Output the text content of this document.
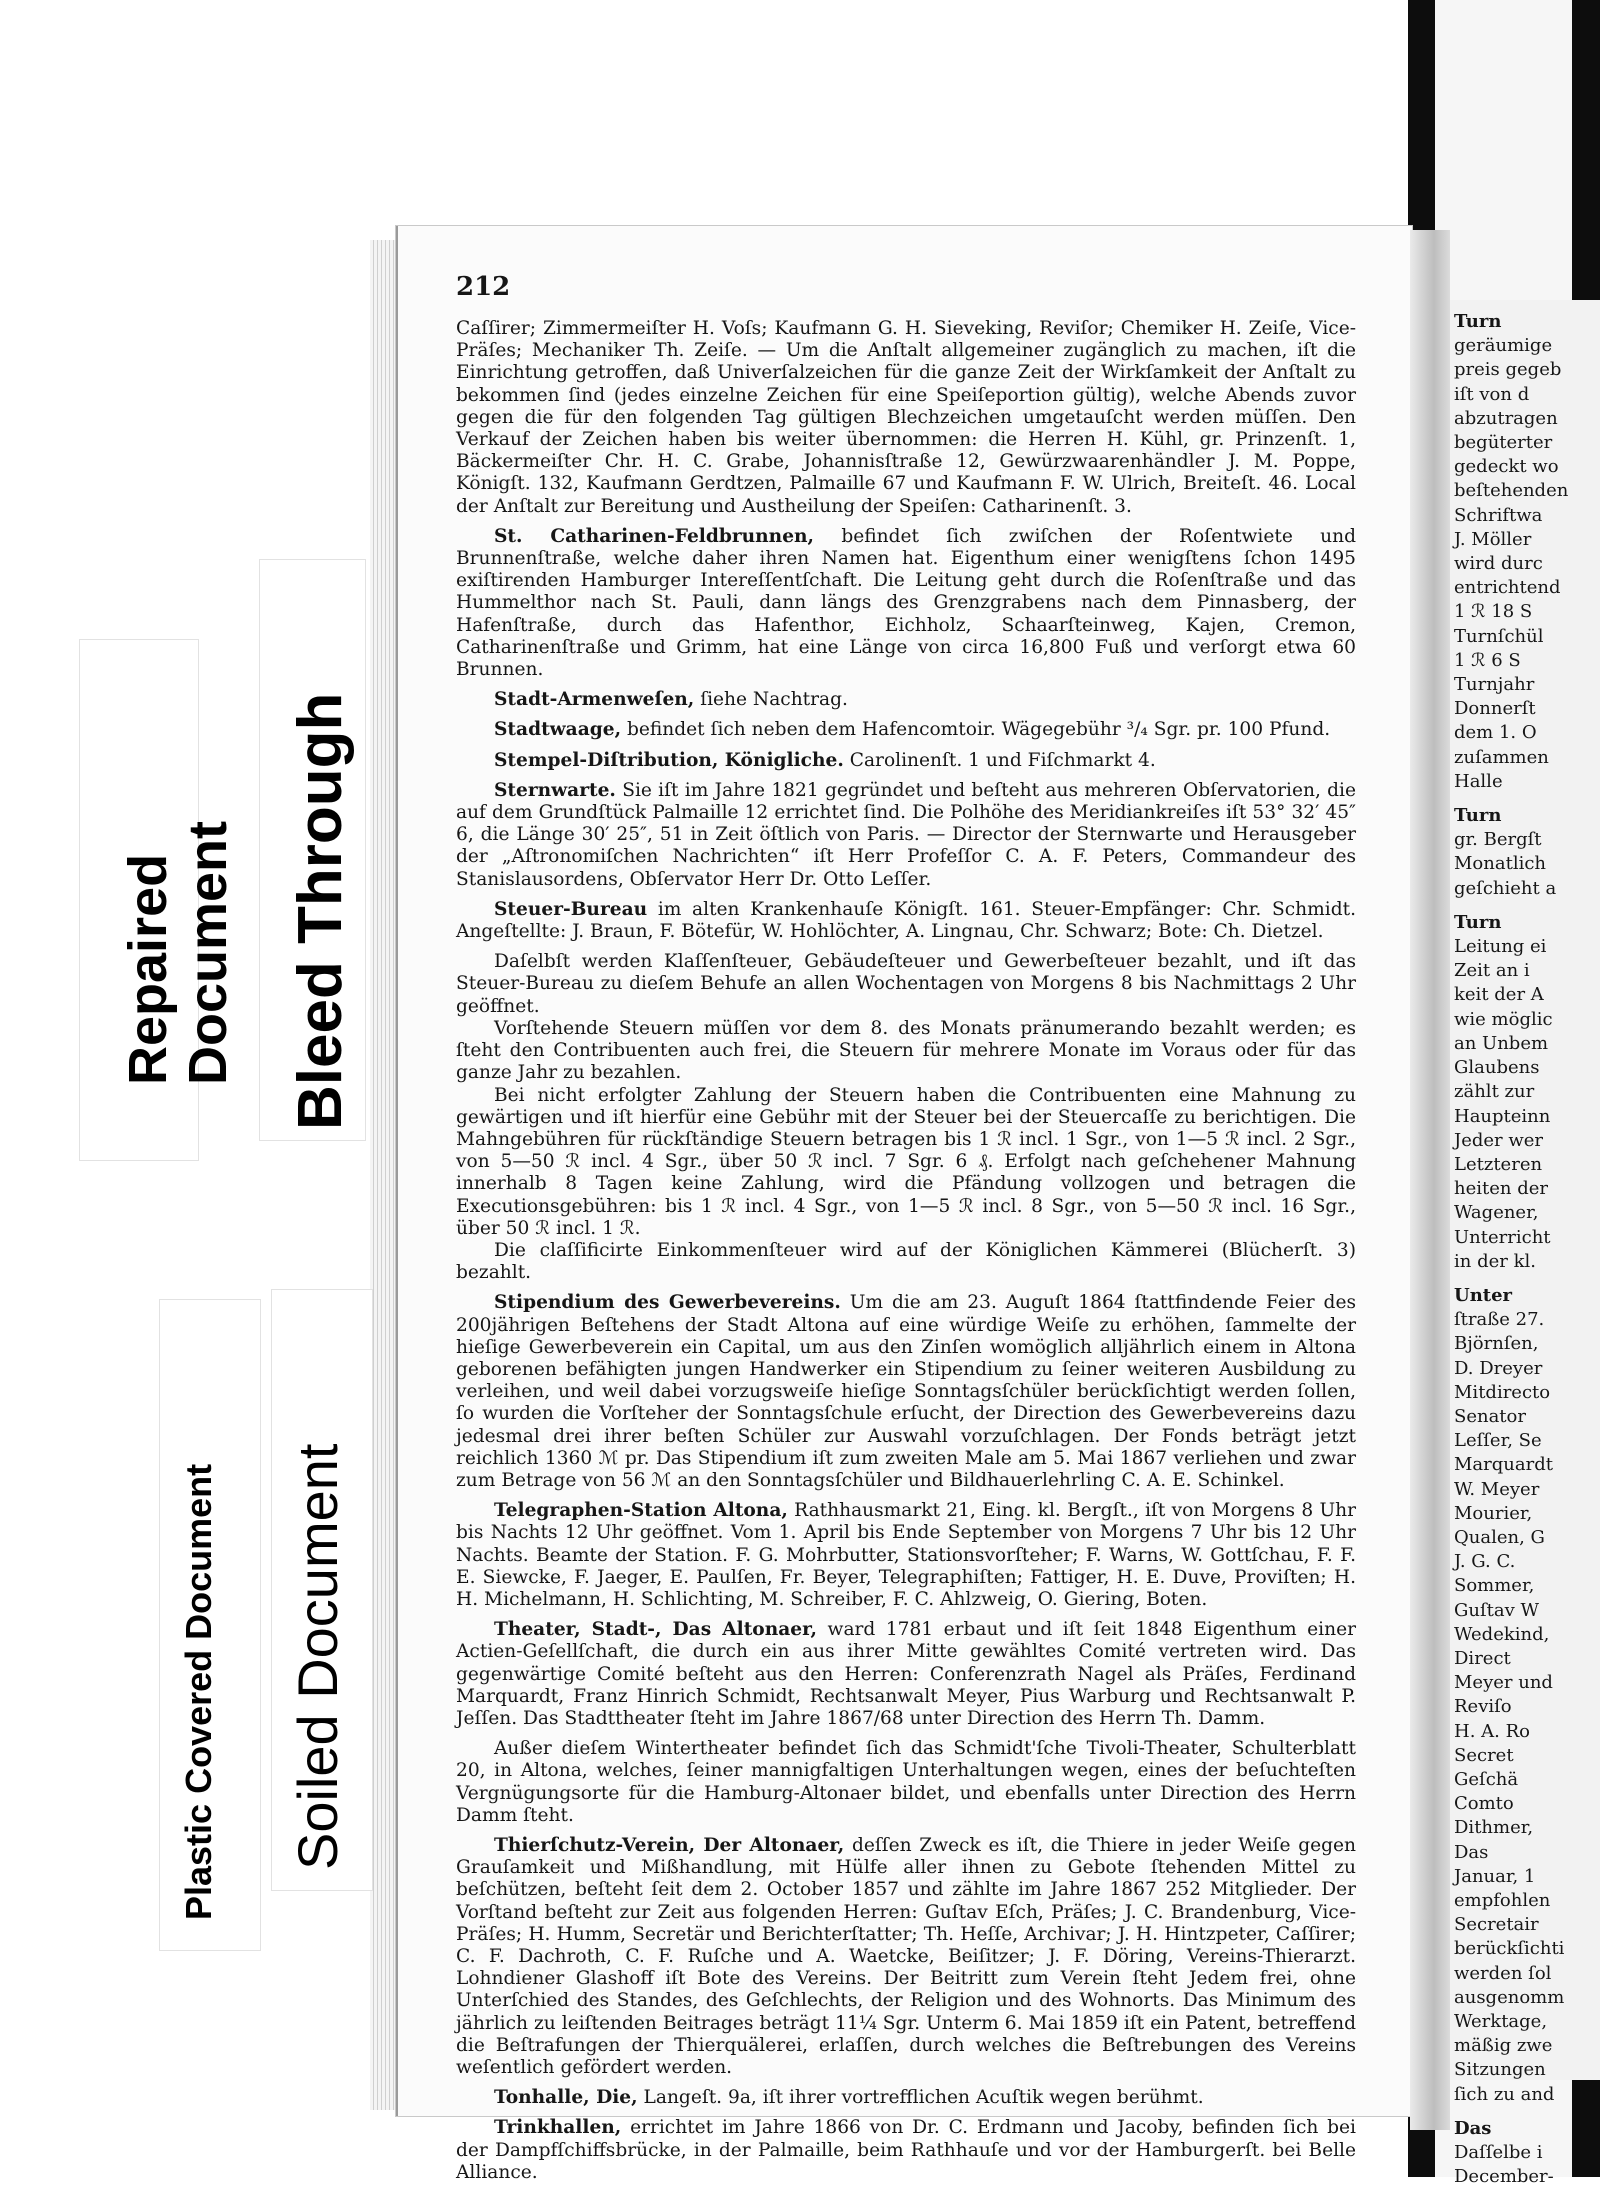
Turn

geräumige

preis gegeb

iſt von d

abzutragen

begüterter

gedeckt wo

beſtehenden

Schriftwa

J. Möller

wird durc

entrichtend

1 ℛ 18 S

Turnſchül

1 ℛ 6 S

Turnjahr

Donnerſt

dem 1. O

zuſammen

Halle

Turn

gr. Bergſt

Monatlich

geſchieht a

Turn

Leitung ei

Zeit an i

keit der A

wie möglic

an Unbem

Glaubens

zählt zur

Haupteinn

Jeder wer

Letzteren

heiten der

Wagener,

Unterricht

in der kl.

Unter

ſtraße 27.

Björnſen,

D. Dreyer

Mitdirecto

Senator

Leſſer, Se

Marquardt

W. Meyer

Mourier,

Qualen, G

J. G. C.

Sommer,

Guſtav W

Wedekind,

Direct

Meyer und

Reviſo

H. A. Ro

Secret

Geſchä

Comto

Dithmer,

Das

Januar, 1

empfohlen

Secretair

berückſichti

werden ſol

ausgenomm

Werktage,

mäßig zwe

Sitzungen

ſich zu and

Das

Daſſelbe i

December-

212

Caſſirer; Zimmermeiſter H. Voſs; Kaufmann G. H. Sieveking, Reviſor; Chemiker H. Zeiſe, Vice-Präſes; Mechaniker Th. Zeiſe. — Um die Anſtalt allgemeiner zugänglich zu machen, iſt die Einrichtung getroffen, daß Univerſalzeichen für die ganze Zeit der Wirkſamkeit der Anſtalt zu bekommen ſind (jedes einzelne Zeichen für eine Speiſeportion gültig), welche Abends zuvor gegen die für den folgenden Tag gültigen Blechzeichen umgetauſcht werden müſſen. Den Verkauf der Zeichen haben bis weiter übernommen: die Herren H. Kühl, gr. Prinzenſt. 1, Bäckermeiſter Chr. H. C. Grabe, Johannisſtraße 12, Gewürzwaarenhändler J. M. Poppe, Königſt. 132, Kaufmann Gerdtzen, Palmaille 67 und Kaufmann F. W. Ulrich, Breiteſt. 46. Local der Anſtalt zur Bereitung und Austheilung der Speiſen: Catharinenſt. 3.

St. Catharinen-Feldbrunnen, befindet ſich zwiſchen der Roſentwiete und Brunnenſtraße, welche daher ihren Namen hat. Eigenthum einer wenigſtens ſchon 1495 exiſtirenden Hamburger Intereſſentſchaft. Die Leitung geht durch die Roſenſtraße und das Hummelthor nach St. Pauli, dann längs des Grenzgrabens nach dem Pinnasberg, der Hafenſtraße, durch das Hafenthor, Eichholz, Schaarſteinweg, Kajen, Cremon, Catharinenſtraße und Grimm, hat eine Länge von circa 16,800 Fuß und verſorgt etwa 60 Brunnen.

Stadt-Armenweſen, ſiehe Nachtrag.

Stadtwaage, befindet ſich neben dem Hafencomtoir. Wägegebühr ³/₄ Sgr. pr. 100 Pfund.

Stempel-Diſtribution, Königliche. Carolinenſt. 1 und Fiſchmarkt 4.

Sternwarte. Sie iſt im Jahre 1821 gegründet und beſteht aus mehreren Obſervatorien, die auf dem Grundſtück Palmaille 12 errichtet ſind. Die Polhöhe des Meridiankreiſes iſt 53° 32′ 45″ 6, die Länge 30′ 25″, 51 in Zeit öſtlich von Paris. — Director der Sternwarte und Herausgeber der „Aſtronomiſchen Nachrichten“ iſt Herr Profeſſor C. A. F. Peters, Commandeur des Stanislausordens, Obſervator Herr Dr. Otto Leſſer.

Steuer-Bureau im alten Krankenhauſe Königſt. 161. Steuer-Empfänger: Chr. Schmidt. Angeſtellte: J. Braun, F. Bötefür, W. Hohlöchter, A. Lingnau, Chr. Schwarz; Bote: Ch. Dietzel.

Daſelbſt werden Klaſſenſteuer, Gebäudeſteuer und Gewerbeſteuer bezahlt, und iſt das Steuer-Bureau zu dieſem Behufe an allen Wochentagen von Morgens 8 bis Nachmittags 2 Uhr geöffnet.

Vorſtehende Steuern müſſen vor dem 8. des Monats pränumerando bezahlt werden; es ſteht den Contribuenten auch frei, die Steuern für mehrere Monate im Voraus oder für das ganze Jahr zu bezahlen.

Bei nicht erfolgter Zahlung der Steuern haben die Contribuenten eine Mahnung zu gewärtigen und iſt hierfür eine Gebühr mit der Steuer bei der Steuercaſſe zu berichtigen. Die Mahngebühren für rückſtändige Steuern betragen bis 1 ℛ incl. 1 Sgr., von 1—5 ℛ incl. 2 Sgr., von 5—50 ℛ incl. 4 Sgr., über 50 ℛ incl. 7 Sgr. 6 ₰. Erfolgt nach geſchehener Mahnung innerhalb 8 Tagen keine Zahlung, wird die Pfändung vollzogen und betragen die Executionsgebühren: bis 1 ℛ incl. 4 Sgr., von 1—5 ℛ incl. 8 Sgr., von 5—50 ℛ incl. 16 Sgr., über 50 ℛ incl. 1 ℛ.

Die claſſificirte Einkommenſteuer wird auf der Königlichen Kämmerei (Blücherſt. 3) bezahlt.

Stipendium des Gewerbevereins. Um die am 23. Auguſt 1864 ſtattfindende Feier des 200jährigen Beſtehens der Stadt Altona auf eine würdige Weiſe zu erhöhen, ſammelte der hieſige Gewerbeverein ein Capital, um aus den Zinſen womöglich alljährlich einem in Altona geborenen befähigten jungen Handwerker ein Stipendium zu ſeiner weiteren Ausbildung zu verleihen, und weil dabei vorzugsweiſe hieſige Sonntagsſchüler berückſichtigt werden ſollen, ſo wurden die Vorſteher der Sonntagsſchule erſucht, der Direction des Gewerbevereins dazu jedesmal drei ihrer beſten Schüler zur Auswahl vorzuſchlagen. Der Fonds beträgt jetzt reichlich 1360 ℳ pr. Das Stipendium iſt zum zweiten Male am 5. Mai 1867 verliehen und zwar zum Betrage von 56 ℳ an den Sonntagsſchüler und Bildhauerlehrling C. A. E. Schinkel.

Telegraphen-Station Altona, Rathhausmarkt 21, Eing. kl. Bergſt., iſt von Morgens 8 Uhr bis Nachts 12 Uhr geöffnet. Vom 1. April bis Ende September von Morgens 7 Uhr bis 12 Uhr Nachts. Beamte der Station. F. G. Mohrbutter, Stationsvorſteher; F. Warns, W. Gottſchau, F. F. E. Siewcke, F. Jaeger, E. Paulſen, Fr. Beyer, Telegraphiſten; Fattiger, H. E. Duve, Proviſten; H. H. Michelmann, H. Schlichting, M. Schreiber, F. C. Ahlzweig, O. Giering, Boten.

Theater, Stadt-, Das Altonaer, ward 1781 erbaut und iſt ſeit 1848 Eigenthum einer Actien-Geſellſchaft, die durch ein aus ihrer Mitte gewähltes Comité vertreten wird. Das gegenwärtige Comité beſteht aus den Herren: Conferenzrath Nagel als Präſes, Ferdinand Marquardt, Franz Hinrich Schmidt, Rechtsanwalt Meyer, Pius Warburg und Rechtsanwalt P. Jeſſen. Das Stadttheater ſteht im Jahre 1867/68 unter Direction des Herrn Th. Damm.

Außer dieſem Wintertheater befindet ſich das Schmidt'ſche Tivoli-Theater, Schulterblatt 20, in Altona, welches, ſeiner mannigfaltigen Unterhaltungen wegen, eines der beſuchteſten Vergnügungsorte für die Hamburg-Altonaer bildet, und ebenfalls unter Direction des Herrn Damm ſteht.

Thierſchutz-Verein, Der Altonaer, deſſen Zweck es iſt, die Thiere in jeder Weiſe gegen Grauſamkeit und Mißhandlung, mit Hülfe aller ihnen zu Gebote ſtehenden Mittel zu beſchützen, beſteht ſeit dem 2. October 1857 und zählte im Jahre 1867 252 Mitglieder. Der Vorſtand beſteht zur Zeit aus folgenden Herren: Guſtav Eſch, Präſes; J. C. Brandenburg, Vice-Präſes; H. Humm, Secretär und Berichterſtatter; Th. Heſſe, Archivar; J. H. Hintzpeter, Caſſirer; C. F. Dachroth, C. F. Ruſche und A. Waetcke, Beiſitzer; J. F. Döring, Vereins-Thierarzt. Lohndiener Glashoff iſt Bote des Vereins. Der Beitritt zum Verein ſteht Jedem frei, ohne Unterſchied des Standes, des Geſchlechts, der Religion und des Wohnorts. Das Minimum des jährlich zu leiſtenden Beitrages beträgt 11¼ Sgr. Unterm 6. Mai 1859 iſt ein Patent, betreffend die Beſtrafungen der Thierquälerei, erlaſſen, durch welches die Beſtrebungen des Vereins weſentlich gefördert werden.

Tonhalle, Die, Langeſt. 9a, iſt ihrer vortrefflichen Acuſtik wegen berühmt.

Trinkhallen, errichtet im Jahre 1866 von Dr. C. Erdmann und Jacoby, befinden ſich bei der Dampfſchiffsbrücke, in der Palmaille, beim Rathhauſe und vor der Hamburgerſt. bei Belle Alliance.

Repaired Document Bleed Through
Plastic Covered Document Soiled Document
